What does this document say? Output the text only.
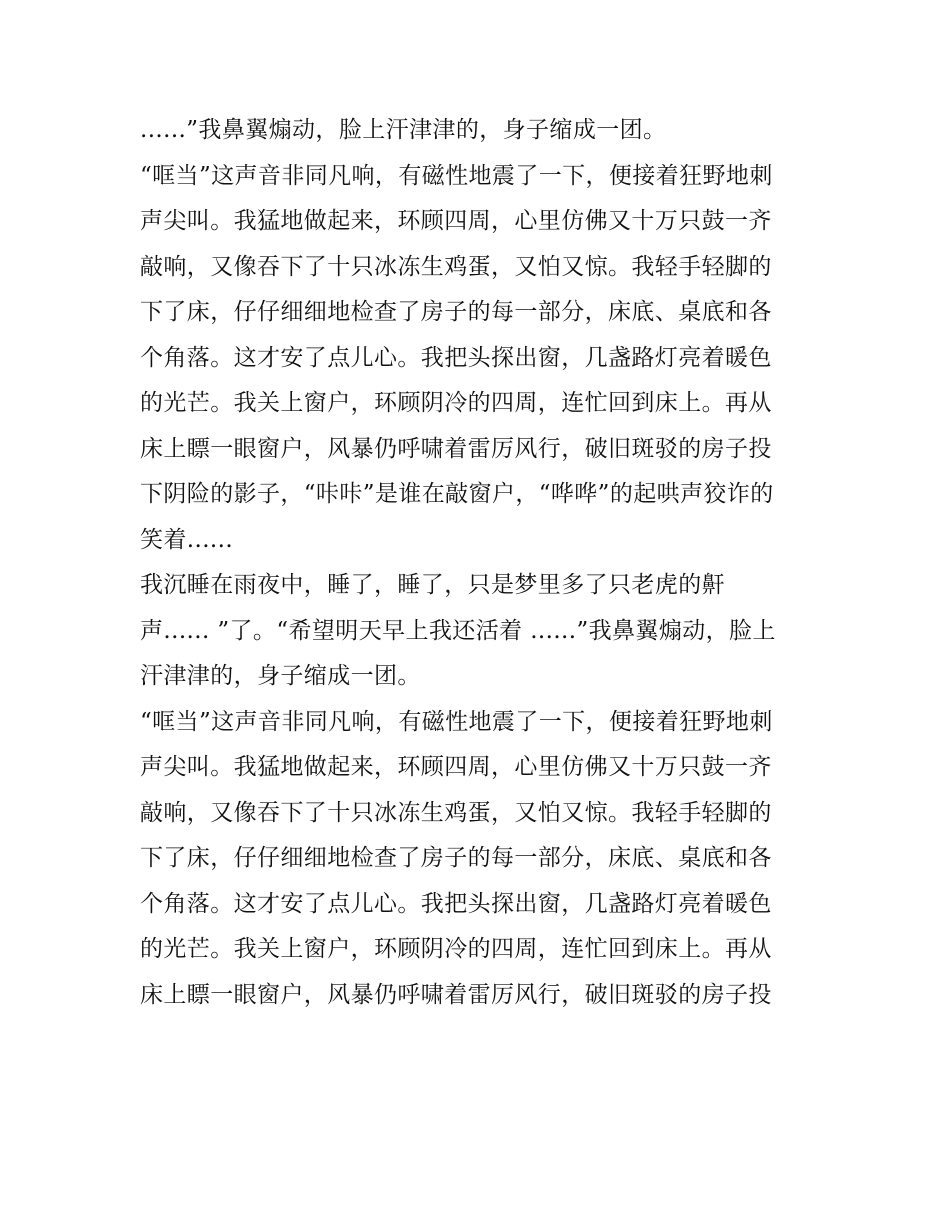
......”我鼻翼煽动，脸上汗津津的，身子缩成一团。
“哐当”这声音非同凡响，有磁性地震了一下，便接着狂野地刺
声尖叫。我猛地做起来，环顾四周，心里仿佛又十万只鼓一齐
敲响，又像吞下了十只冰冻生鸡蛋，又怕又惊。我轻手轻脚的
下了床，仔仔细细地检查了房子的每一部分，床底、桌底和各
个角落。这才安了点儿心。我把头探出窗，几盏路灯亮着暖色
的光芒。我关上窗户，环顾阴冷的四周，连忙回到床上。再从
床上瞟一眼窗户，风暴仍呼啸着雷厉风行，破旧斑驳的房子投
下阴险的影子，“咔咔”是谁在敲窗户，“哗哗”的起哄声狡诈的
笑着......
我沉睡在雨夜中，睡了，睡了，只是梦里多了只老虎的鼾
声...... ”了。“希望明天早上我还活着 ......”我鼻翼煽动，脸上
汗津津的，身子缩成一团。
“哐当”这声音非同凡响，有磁性地震了一下，便接着狂野地刺
声尖叫。我猛地做起来，环顾四周，心里仿佛又十万只鼓一齐
敲响，又像吞下了十只冰冻生鸡蛋，又怕又惊。我轻手轻脚的
下了床，仔仔细细地检查了房子的每一部分，床底、桌底和各
个角落。这才安了点儿心。我把头探出窗，几盏路灯亮着暖色
的光芒。我关上窗户，环顾阴冷的四周，连忙回到床上。再从
床上瞟一眼窗户，风暴仍呼啸着雷厉风行，破旧斑驳的房子投
